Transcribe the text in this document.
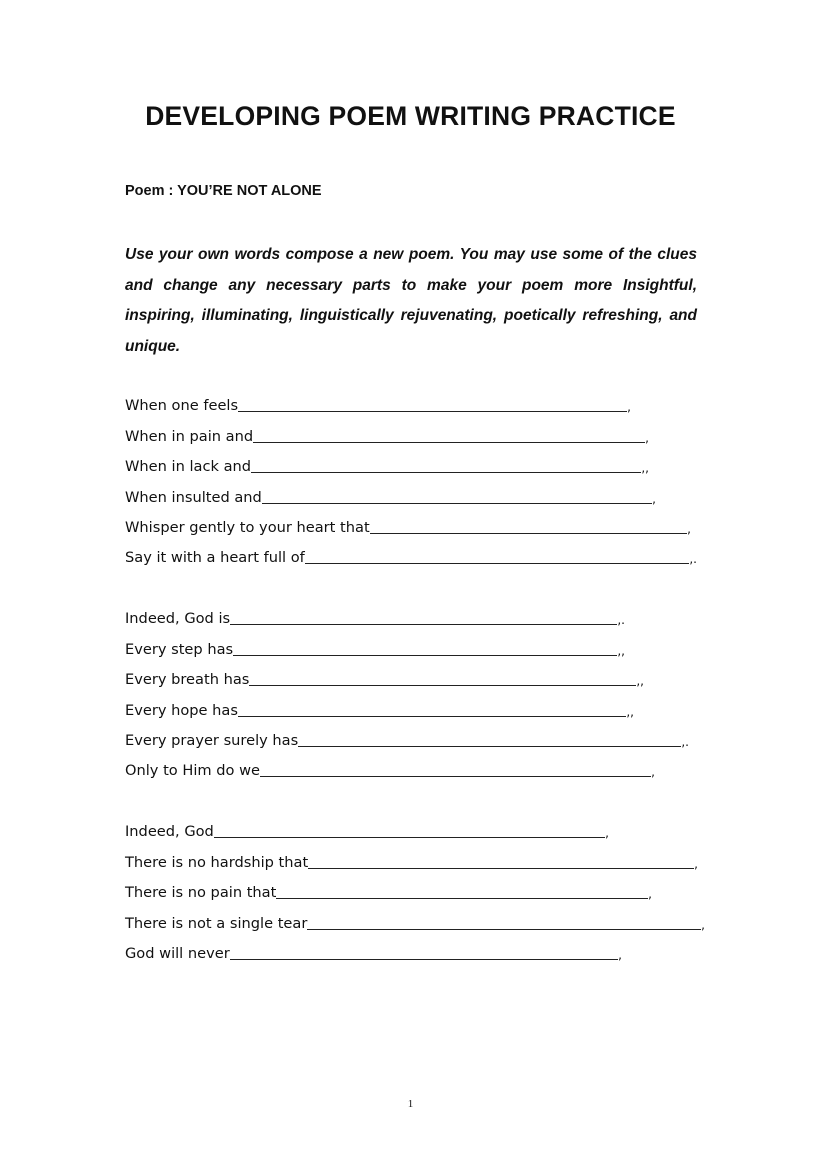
DEVELOPING POEM WRITING PRACTICE
Poem : YOU’RE NOT ALONE
Use your own words compose a new poem. You may use some of the clues and change any necessary parts to make your poem more Insightful, inspiring, illuminating, linguistically rejuvenating, poetically refreshing, and unique.
When one feels	,
When in pain and	,
When in lack and	,,
When insulted and	,
Whisper gently to your heart that	,
Say it with a heart full of	,.
Indeed, God is	,.
Every step has	,,
Every breath has	,,
Every hope has	,,
Every prayer surely has	,.
Only to Him do we	,
Indeed, God	,
There is no hardship that	,
There is no pain that	,
There is not a single tear	,
God will never	,
1
